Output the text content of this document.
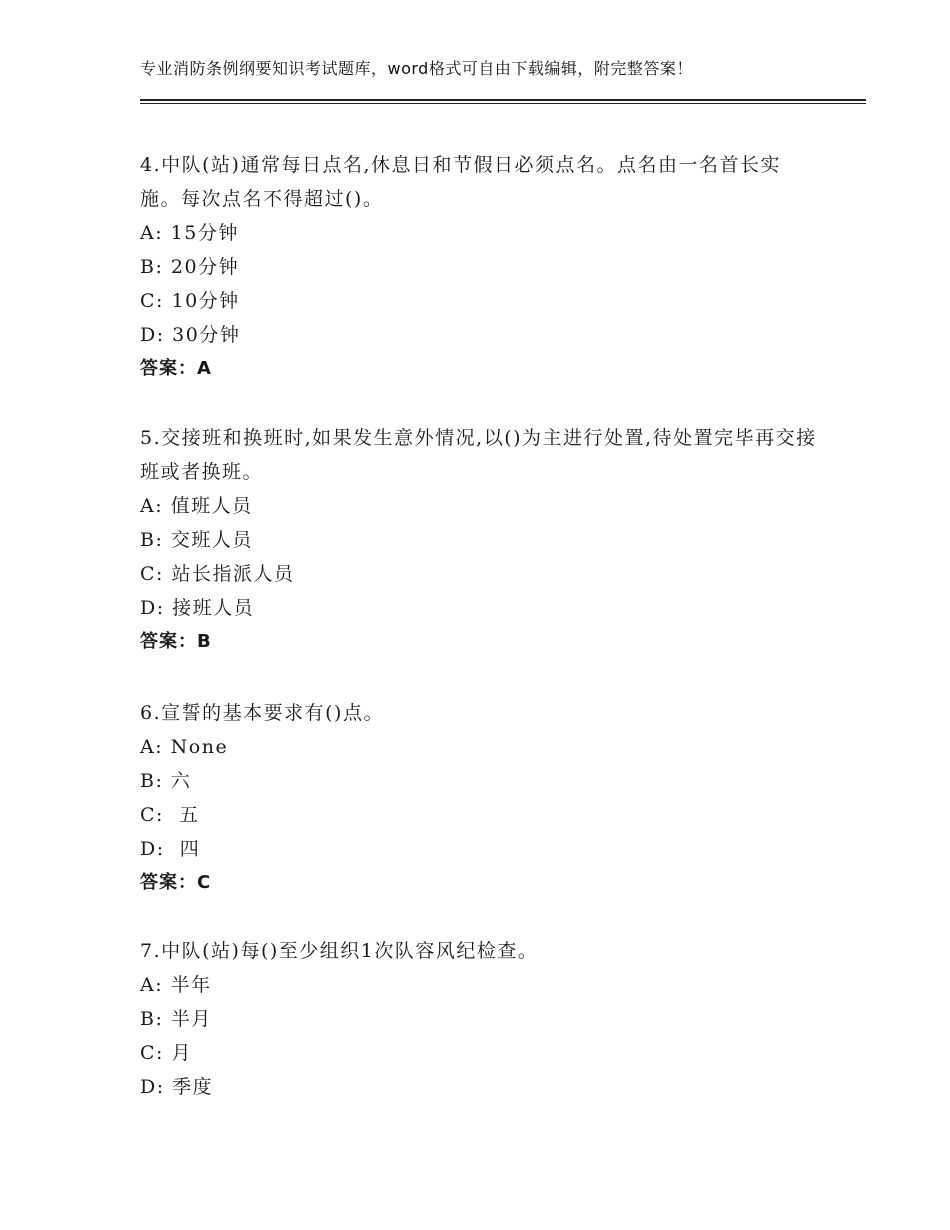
专业消防条例纲要知识考试题库，word格式可自由下载编辑，附完整答案！

4.中队(站)通常每日点名,休息日和节假日必须点名。点名由一名首长实施。每次点名不得超过()。

A: 15分钟

B: 20分钟

C: 10分钟

D: 30分钟

答案：A

5.交接班和换班时,如果发生意外情况,以()为主进行处置,待处置完毕再交接班或者换班。

A: 值班人员

B: 交班人员

C: 站长指派人员

D: 接班人员

答案：B

6.宣誓的基本要求有()点。

A: None

B: 六

C:  五

D:  四

答案：C

7.中队(站)每()至少组织1次队容风纪检查。

A: 半年

B: 半月

C: 月

D: 季度
